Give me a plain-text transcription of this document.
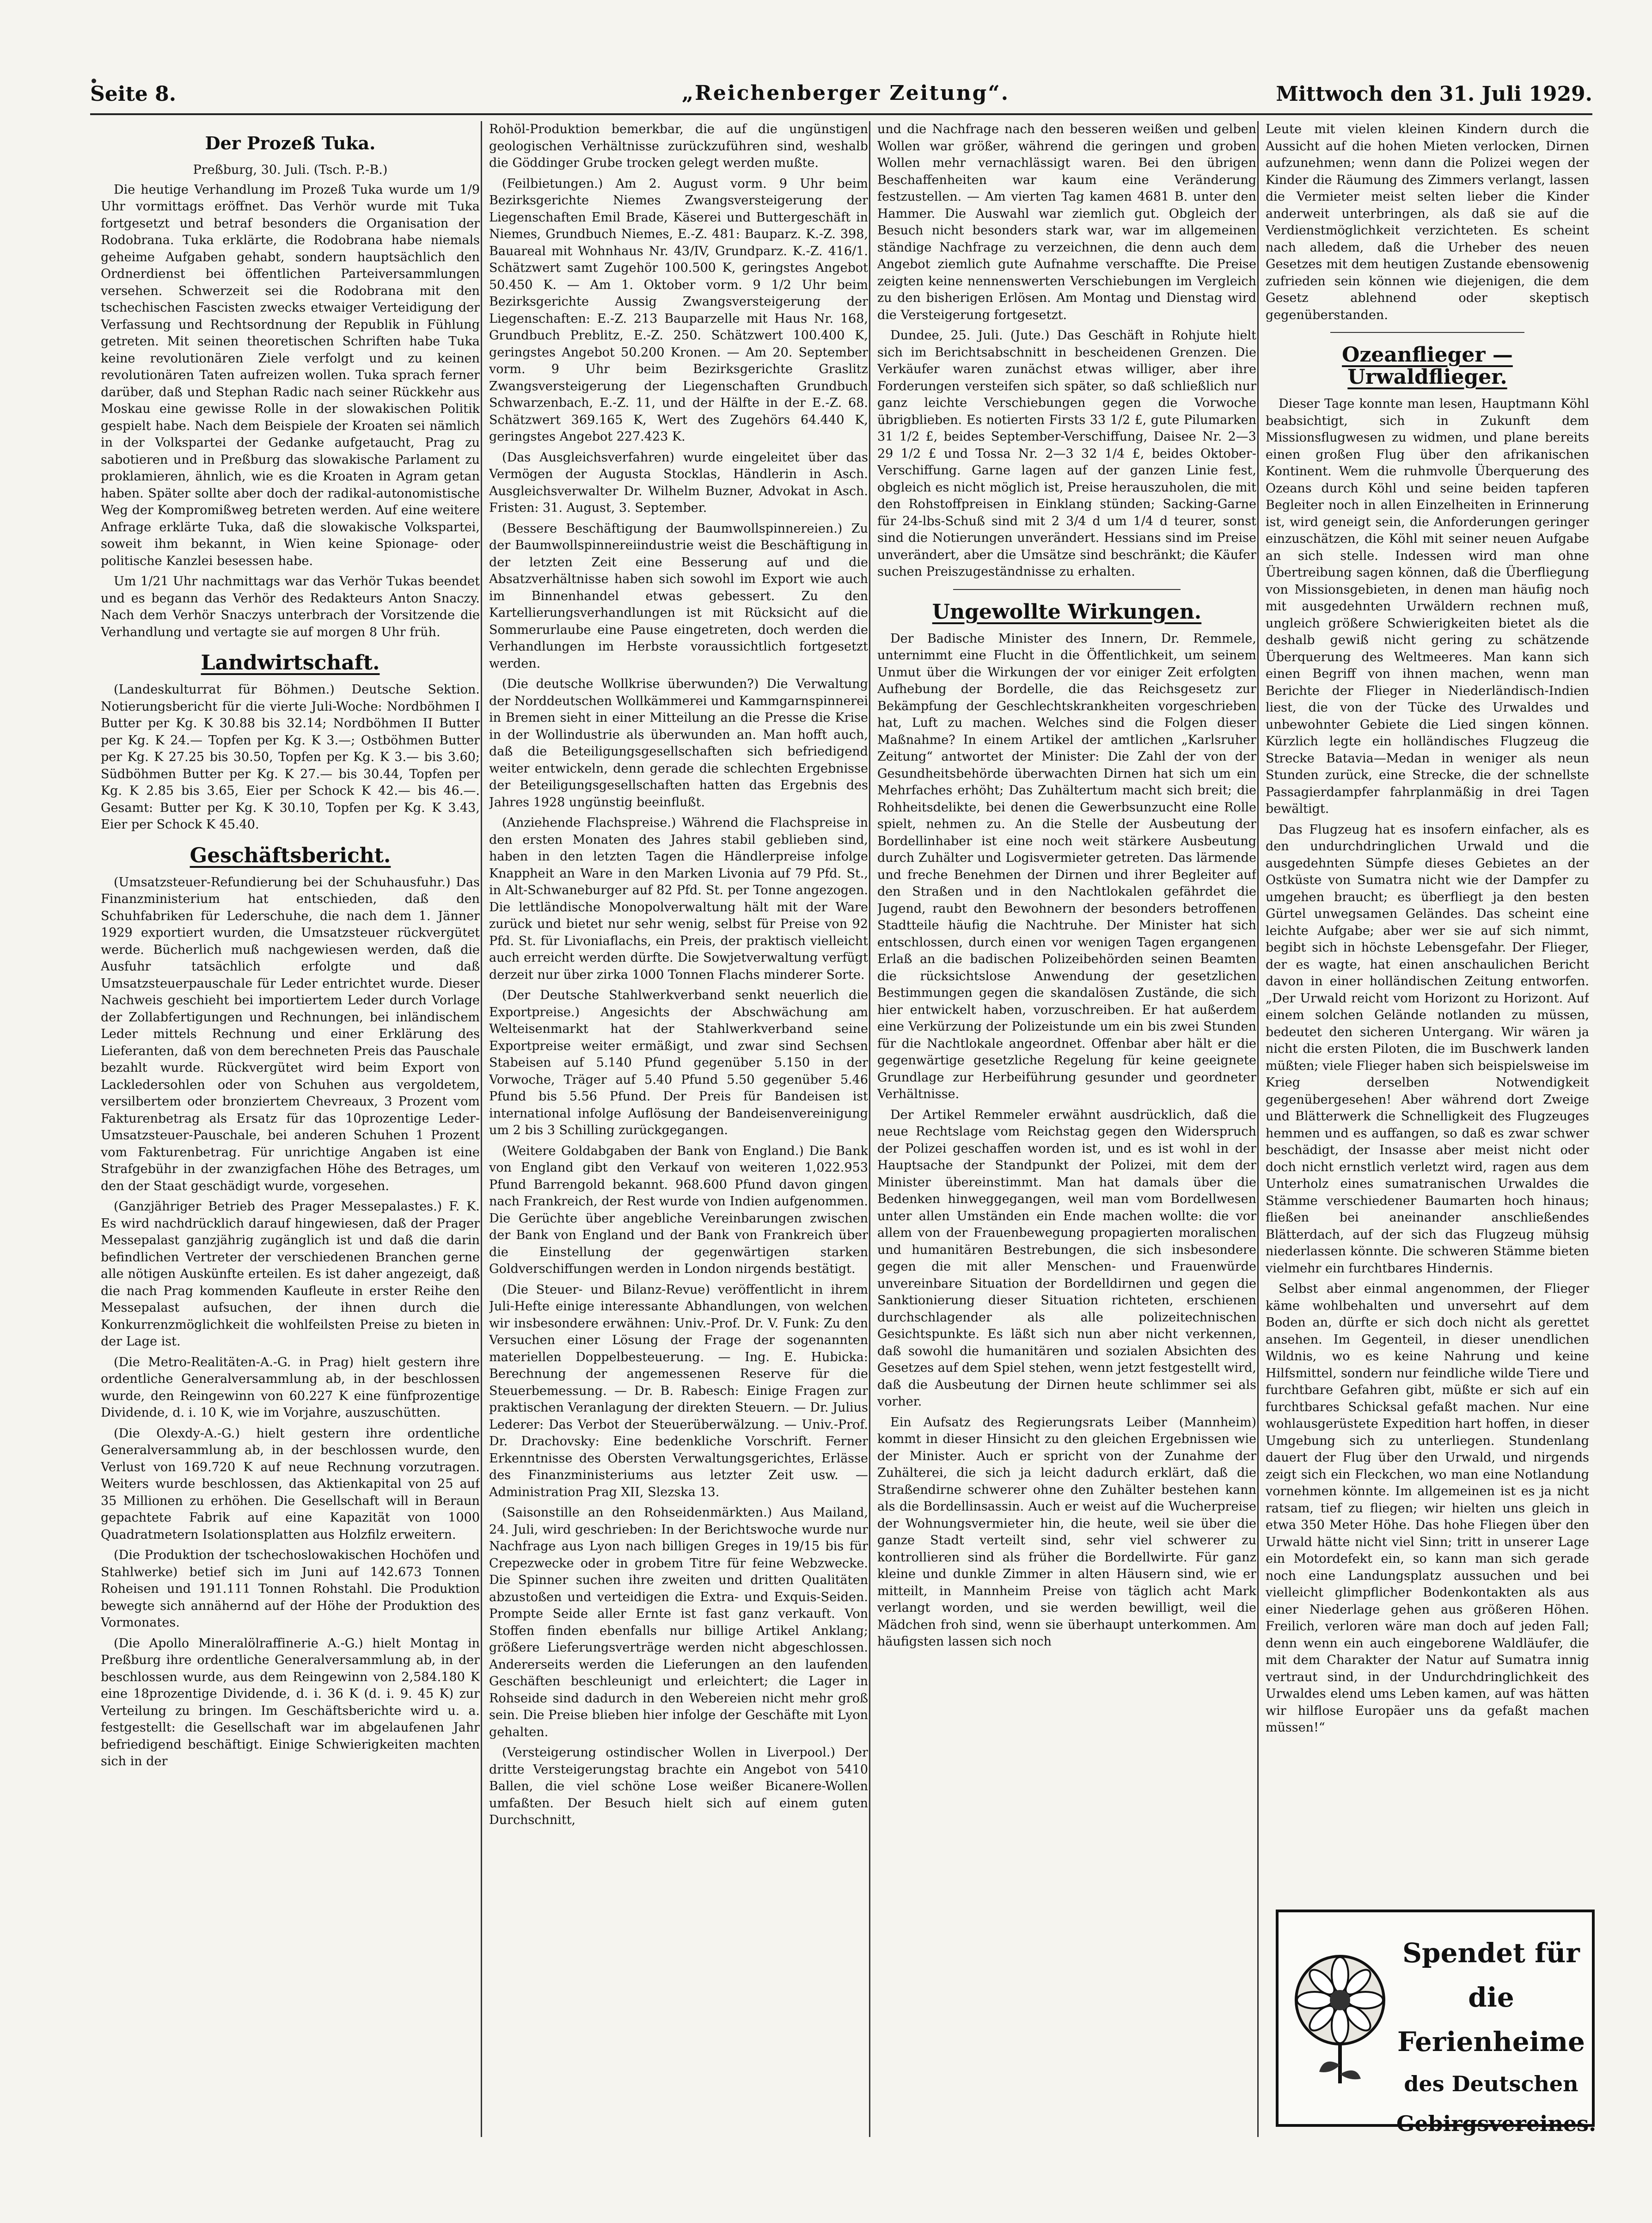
Seite 8.	„Reichenberger Zeitung“.	Mittwoch den 31. Juli 1929.
Der Prozeß Tuka.
Preßburg, 30. Juli. (Tsch. P.-B.)

Die heutige Verhandlung im Prozeß Tuka wurde um 1/9 Uhr vormittags eröffnet. Das Verhör wurde mit Tuka fortgesetzt und betraf besonders die Organisation der Rodobrana. Tuka erklärte, die Rodobrana habe niemals geheime Aufgaben gehabt, sondern hauptsächlich den Ordnerdienst bei öffentlichen Parteiversammlungen versehen. Schwerzeit sei die Rodobrana mit den tschechischen Fascisten zwecks etwaiger Verteidigung der Verfassung und Rechtsordnung der Republik in Fühlung getreten. Mit seinen theoretischen Schriften habe Tuka keine revolutionären Ziele verfolgt und zu keinen revolutionären Taten aufreizen wollen. Tuka sprach ferner darüber, daß und Stephan Radic nach seiner Rückkehr aus Moskau eine gewisse Rolle in der slowakischen Politik gespielt habe. Nach dem Beispiele der Kroaten sei nämlich in der Volkspartei der Gedanke aufgetaucht, Prag zu sabotieren und in Preßburg das slowakische Parlament zu proklamieren, ähnlich, wie es die Kroaten in Agram getan haben. Später sollte aber doch der radikal-autonomistische Weg der Kompromißweg betreten werden. Auf eine weitere Anfrage erklärte Tuka, daß die slowakische Volkspartei, soweit ihm bekannt, in Wien keine Spionage- oder politische Kanzlei besessen habe.

Um 1/21 Uhr nachmittags war das Verhör Tukas beendet und es begann das Verhör des Redakteurs Anton Snaczy. Nach dem Verhör Snaczys unterbrach der Vorsitzende die Verhandlung und vertagte sie auf morgen 8 Uhr früh.

Landwirtschaft.

(Landeskulturrat für Böhmen.) Deutsche Sektion. Notierungsbericht für die vierte Juli-Woche: Nordböhmen I Butter per Kg. K 30.88 bis 32.14; Nordböhmen II Butter per Kg. K 24.— Topfen per Kg. K 3.—; Ostböhmen Butter per Kg. K 27.25 bis 30.50, Topfen per Kg. K 3.— bis 3.60; Südböhmen Butter per Kg. K 27.— bis 30.44, Topfen per Kg. K 2.85 bis 3.65, Eier per Schock K 42.— bis 46.—. Gesamt: Butter per Kg. K 30.10, Topfen per Kg. K 3.43, Eier per Schock K 45.40.

Geschäftsbericht.

(Umsatzsteuer-Refundierung bei der Schuhausfuhr.) Das Finanzministerium hat entschieden, daß den Schuhfabriken für Lederschuhe, die nach dem 1. Jänner 1929 exportiert wurden, die Umsatzsteuer rückvergütet werde. Bücherlich muß nachgewiesen werden, daß die Ausfuhr tatsächlich erfolgte und daß Umsatzsteuerpauschale für Leder entrichtet wurde. Dieser Nachweis geschieht bei importiertem Leder durch Vorlage der Zollabfertigungen und Rechnungen, bei inländischem Leder mittels Rechnung und einer Erklärung des Lieferanten, daß von dem berechneten Preis das Pauschale bezahlt wurde. Rückvergütet wird beim Export von Lackledersohlen oder von Schuhen aus vergoldetem, versilbertem oder bronziertem Chevreaux, 3 Prozent vom Fakturenbetrag als Ersatz für das 10prozentige Leder-Umsatzsteuer-Pauschale, bei anderen Schuhen 1 Prozent vom Fakturenbetrag. Für unrichtige Angaben ist eine Strafgebühr in der zwanzigfachen Höhe des Betrages, um den der Staat geschädigt wurde, vorgesehen.

(Ganzjähriger Betrieb des Prager Messepalastes.) F. K. Es wird nachdrücklich darauf hingewiesen, daß der Prager Messepalast ganzjährig zugänglich ist und daß die darin befindlichen Vertreter der verschiedenen Branchen gerne alle nötigen Auskünfte erteilen. Es ist daher angezeigt, daß die nach Prag kommenden Kaufleute in erster Reihe den Messepalast aufsuchen, der ihnen durch die Konkurrenzmöglichkeit die wohlfeilsten Preise zu bieten in der Lage ist.

(Die Metro-Realitäten-A.-G. in Prag) hielt gestern ihre ordentliche Generalversammlung ab, in der beschlossen wurde, den Reingewinn von 60.227 K eine fünfprozentige Dividende, d. i. 10 K, wie im Vorjahre, auszuschütten.

(Die Olexdy-A.-G.) hielt gestern ihre ordentliche Generalversammlung ab, in der beschlossen wurde, den Verlust von 169.720 K auf neue Rechnung vorzutragen. Weiters wurde beschlossen, das Aktienkapital von 25 auf 35 Millionen zu erhöhen. Die Gesellschaft will in Beraun gepachtete Fabrik auf eine Kapazität von 1000 Quadratmetern Isolationsplatten aus Holzfilz erweitern.

(Die Produktion der tschechoslowakischen Hochöfen und Stahlwerke) betief sich im Juni auf 142.673 Tonnen Roheisen und 191.111 Tonnen Rohstahl. Die Produktion bewegte sich annähernd auf der Höhe der Produktion des Vormonates.

(Die Apollo Mineralölraffinerie A.-G.) hielt Montag in Preßburg ihre ordentliche Generalversammlung ab, in der beschlossen wurde, aus dem Reingewinn von 2,584.180 K eine 18prozentige Dividende, d. i. 36 K (d. i. 9. 45 K) zur Verteilung zu bringen. Im Geschäftsberichte wird u. a. festgestellt: die Gesellschaft war im abgelaufenen Jahr befriedigend beschäftigt. Einige Schwierigkeiten machten sich in der

Rohöl-Produktion bemerkbar, die auf die ungünstigen geologischen Verhältnisse zurückzuführen sind, weshalb die Göddinger Grube trocken gelegt werden mußte.

(Feilbietungen.) Am 2. August vorm. 9 Uhr beim Bezirksgerichte Niemes Zwangsversteigerung der Liegenschaften Emil Brade, Käserei und Buttergeschäft in Niemes, Grundbuch Niemes, E.-Z. 481: Bauparz. K.-Z. 398, Bauareal mit Wohnhaus Nr. 43/IV, Grundparz. K.-Z. 416/1. Schätzwert samt Zugehör 100.500 K, geringstes Angebot 50.450 K. — Am 1. Oktober vorm. 9 1/2 Uhr beim Bezirksgerichte Aussig Zwangsversteigerung der Liegenschaften: E.-Z. 213 Bauparzelle mit Haus Nr. 168, Grundbuch Preblitz, E.-Z. 250. Schätzwert 100.400 K, geringstes Angebot 50.200 Kronen. — Am 20. September vorm. 9 Uhr beim Bezirksgerichte Graslitz Zwangsversteigerung der Liegenschaften Grundbuch Schwarzenbach, E.-Z. 11, und der Hälfte in der E.-Z. 68. Schätzwert 369.165 K, Wert des Zugehörs 64.440 K, geringstes Angebot 227.423 K.

(Das Ausgleichsverfahren) wurde eingeleitet über das Vermögen der Augusta Stocklas, Händlerin in Asch. Ausgleichsverwalter Dr. Wilhelm Buzner, Advokat in Asch. Fristen: 31. August, 3. September.

(Bessere Beschäftigung der Baumwollspinnereien.) Zu der Baumwollspinnereiindustrie weist die Beschäftigung in der letzten Zeit eine Besserung auf und die Absatzverhältnisse haben sich sowohl im Export wie auch im Binnenhandel etwas gebessert. Zu den Kartellierungsverhandlungen ist mit Rücksicht auf die Sommerurlaube eine Pause eingetreten, doch werden die Verhandlungen im Herbste voraussichtlich fortgesetzt werden.

(Die deutsche Wollkrise überwunden?) Die Verwaltung der Norddeutschen Wollkämmerei und Kammgarnspinnerei in Bremen sieht in einer Mitteilung an die Presse die Krise in der Wollindustrie als überwunden an. Man hofft auch, daß die Beteiligungsgesellschaften sich befriedigend weiter entwickeln, denn gerade die schlechten Ergebnisse der Beteiligungsgesellschaften hatten das Ergebnis des Jahres 1928 ungünstig beeinflußt.

(Anziehende Flachspreise.) Während die Flachspreise in den ersten Monaten des Jahres stabil geblieben sind, haben in den letzten Tagen die Händlerpreise infolge Knappheit an Ware in den Marken Livonia auf 79 Pfd. St., in Alt-Schwaneburger auf 82 Pfd. St. per Tonne angezogen. Die lettländische Monopolverwaltung hält mit der Ware zurück und bietet nur sehr wenig, selbst für Preise von 92 Pfd. St. für Livoniaflachs, ein Preis, der praktisch vielleicht auch erreicht werden dürfte. Die Sowjetverwaltung verfügt derzeit nur über zirka 1000 Tonnen Flachs minderer Sorte.

(Der Deutsche Stahlwerkverband senkt neuerlich die Exportpreise.) Angesichts der Abschwächung am Welteisenmarkt hat der Stahlwerkverband seine Exportpreise weiter ermäßigt, und zwar sind Sechsen Stabeisen auf 5.140 Pfund gegenüber 5.150 in der Vorwoche, Träger auf 5.40 Pfund 5.50 gegenüber 5.46 Pfund bis 5.56 Pfund. Der Preis für Bandeisen ist international infolge Auflösung der Bandeisenvereinigung um 2 bis 3 Schilling zurückgegangen.

(Weitere Goldabgaben der Bank von England.) Die Bank von England gibt den Verkauf von weiteren 1,022.953 Pfund Barrengold bekannt. 968.600 Pfund davon gingen nach Frankreich, der Rest wurde von Indien aufgenommen. Die Gerüchte über angebliche Vereinbarungen zwischen der Bank von England und der Bank von Frankreich über die Einstellung der gegenwärtigen starken Goldverschiffungen werden in London nirgends bestätigt.

(Die Steuer- und Bilanz-Revue) veröffentlicht in ihrem Juli-Hefte einige interessante Abhandlungen, von welchen wir insbesondere erwähnen: Univ.-Prof. Dr. V. Funk: Zu den Versuchen einer Lösung der Frage der sogenannten materiellen Doppelbesteuerung. — Ing. E. Hubicka: Berechnung der angemessenen Reserve für die Steuerbemessung. — Dr. B. Rabesch: Einige Fragen zur praktischen Veranlagung der direkten Steuern. — Dr. Julius Lederer: Das Verbot der Steuerüberwälzung. — Univ.-Prof. Dr. Drachovsky: Eine bedenkliche Vorschrift. Ferner Erkenntnisse des Obersten Verwaltungsgerichtes, Erlässe des Finanzministeriums aus letzter Zeit usw. — Administration Prag XII, Slezska 13.

(Saisonstille an den Rohseidenmärkten.) Aus Mailand, 24. Juli, wird geschrieben: In der Berichtswoche wurde nur Nachfrage aus Lyon nach billigen Greges in 19/15 bis für Crepezwecke oder in grobem Titre für feine Webzwecke. Die Spinner suchen ihre zweiten und dritten Qualitäten abzustoßen und verteidigen die Extra- und Exquis-Seiden. Prompte Seide aller Ernte ist fast ganz verkauft. Von Stoffen finden ebenfalls nur billige Artikel Anklang; größere Lieferungsverträge werden nicht abgeschlossen. Andererseits werden die Lieferungen an den laufenden Geschäften beschleunigt und erleichtert; die Lager in Rohseide sind dadurch in den Webereien nicht mehr groß sein. Die Preise blieben hier infolge der Geschäfte mit Lyon gehalten.

(Versteigerung ostindischer Wollen in Liverpool.) Der dritte Versteigerungstag brachte ein Angebot von 5410 Ballen, die viel schöne Lose weißer Bicanere-Wollen umfaßten. Der Besuch hielt sich auf einem guten Durchschnitt,

und die Nachfrage nach den besseren weißen und gelben Wollen war größer, während die geringen und groben Wollen mehr vernachlässigt waren. Bei den übrigen Beschaffenheiten war kaum eine Veränderung festzustellen. — Am vierten Tag kamen 4681 B. unter den Hammer. Die Auswahl war ziemlich gut. Obgleich der Besuch nicht besonders stark war, war im allgemeinen ständige Nachfrage zu verzeichnen, die denn auch dem Angebot ziemlich gute Aufnahme verschaffte. Die Preise zeigten keine nennenswerten Verschiebungen im Vergleich zu den bisherigen Erlösen. Am Montag und Dienstag wird die Versteigerung fortgesetzt.

Dundee, 25. Juli. (Jute.) Das Geschäft in Rohjute hielt sich im Berichtsabschnitt in bescheidenen Grenzen. Die Verkäufer waren zunächst etwas williger, aber ihre Forderungen versteifen sich später, so daß schließlich nur ganz leichte Verschiebungen gegen die Vorwoche übrigblieben. Es notierten Firsts 33 1/2 £, gute Pilumarken 31 1/2 £, beides September-Verschiffung, Daisee Nr. 2—3 29 1/2 £ und Tossa Nr. 2—3 32 1/4 £, beides Oktober-Verschiffung. Garne lagen auf der ganzen Linie fest, obgleich es nicht möglich ist, Preise herauszuholen, die mit den Rohstoffpreisen in Einklang stünden; Sacking-Garne für 24-lbs-Schuß sind mit 2 3/4 d um 1/4 d teurer, sonst sind die Notierungen unverändert. Hessians sind im Preise unverändert, aber die Umsätze sind beschränkt; die Käufer suchen Preiszugeständnisse zu erhalten.

Ungewollte Wirkungen.

Der Badische Minister des Innern, Dr. Remmele, unternimmt eine Flucht in die Öffentlichkeit, um seinem Unmut über die Wirkungen der vor einiger Zeit erfolgten Aufhebung der Bordelle, die das Reichsgesetz zur Bekämpfung der Geschlechtskrankheiten vorgeschrieben hat, Luft zu machen. Welches sind die Folgen dieser Maßnahme? In einem Artikel der amtlichen „Karlsruher Zeitung“ antwortet der Minister: Die Zahl der von der Gesundheitsbehörde überwachten Dirnen hat sich um ein Mehrfaches erhöht; Das Zuhältertum macht sich breit; die Rohheitsdelikte, bei denen die Gewerbsunzucht eine Rolle spielt, nehmen zu. An die Stelle der Ausbeutung der Bordellinhaber ist eine noch weit stärkere Ausbeutung durch Zuhälter und Logisvermieter getreten. Das lärmende und freche Benehmen der Dirnen und ihrer Begleiter auf den Straßen und in den Nachtlokalen gefährdet die Jugend, raubt den Bewohnern der besonders betroffenen Stadtteile häufig die Nachtruhe. Der Minister hat sich entschlossen, durch einen vor wenigen Tagen ergangenen Erlaß an die badischen Polizeibehörden seinen Beamten die rücksichtslose Anwendung der gesetzlichen Bestimmungen gegen die skandalösen Zustände, die sich hier entwickelt haben, vorzuschreiben. Er hat außerdem eine Verkürzung der Polizeistunde um ein bis zwei Stunden für die Nachtlokale angeordnet. Offenbar aber hält er die gegenwärtige gesetzliche Regelung für keine geeignete Grundlage zur Herbeiführung gesunder und geordneter Verhältnisse.

Der Artikel Remmeler erwähnt ausdrücklich, daß die neue Rechtslage vom Reichstag gegen den Widerspruch der Polizei geschaffen worden ist, und es ist wohl in der Hauptsache der Standpunkt der Polizei, mit dem der Minister übereinstimmt. Man hat damals über die Bedenken hinweggegangen, weil man vom Bordellwesen unter allen Umständen ein Ende machen wollte: die vor allem von der Frauenbewegung propagierten moralischen und humanitären Bestrebungen, die sich insbesondere gegen die mit aller Menschen- und Frauenwürde unvereinbare Situation der Bordelldirnen und gegen die Sanktionierung dieser Situation richteten, erschienen durchschlagender als alle polizeitechnischen Gesichtspunkte. Es läßt sich nun aber nicht verkennen, daß sowohl die humanitären und sozialen Absichten des Gesetzes auf dem Spiel stehen, wenn jetzt festgestellt wird, daß die Ausbeutung der Dirnen heute schlimmer sei als vorher.

Ein Aufsatz des Regierungsrats Leiber (Mannheim) kommt in dieser Hinsicht zu den gleichen Ergebnissen wie der Minister. Auch er spricht von der Zunahme der Zuhälterei, die sich ja leicht dadurch erklärt, daß die Straßendirne schwerer ohne den Zuhälter bestehen kann als die Bordellinsassin. Auch er weist auf die Wucherpreise der Wohnungsvermieter hin, die heute, weil sie über die ganze Stadt verteilt sind, sehr viel schwerer zu kontrollieren sind als früher die Bordellwirte. Für ganz kleine und dunkle Zimmer in alten Häusern sind, wie er mitteilt, in Mannheim Preise von täglich acht Mark verlangt worden, und sie werden bewilligt, weil die Mädchen froh sind, wenn sie überhaupt unterkommen. Am häufigsten lassen sich noch

Leute mit vielen kleinen Kindern durch die Aussicht auf die hohen Mieten verlocken, Dirnen aufzunehmen; wenn dann die Polizei wegen der Kinder die Räumung des Zimmers verlangt, lassen die Vermieter meist selten lieber die Kinder anderweit unterbringen, als daß sie auf die Verdienstmöglichkeit verzichteten. Es scheint nach alledem, daß die Urheber des neuen Gesetzes mit dem heutigen Zustande ebensowenig zufrieden sein können wie diejenigen, die dem Gesetz ablehnend oder skeptisch gegenüberstanden.

Ozeanflieger — Urwaldflieger.

Dieser Tage konnte man lesen, Hauptmann Köhl beabsichtigt, sich in Zukunft dem Missionsflugwesen zu widmen, und plane bereits einen großen Flug über den afrikanischen Kontinent. Wem die ruhmvolle Überquerung des Ozeans durch Köhl und seine beiden tapferen Begleiter noch in allen Einzelheiten in Erinnerung ist, wird geneigt sein, die Anforderungen geringer einzuschätzen, die Köhl mit seiner neuen Aufgabe an sich stelle. Indessen wird man ohne Übertreibung sagen können, daß die Überfliegung von Missionsgebieten, in denen man häufig noch mit ausgedehnten Urwäldern rechnen muß, ungleich größere Schwierigkeiten bietet als die deshalb gewiß nicht gering zu schätzende Überquerung des Weltmeeres. Man kann sich einen Begriff von ihnen machen, wenn man Berichte der Flieger in Niederländisch-Indien liest, die von der Tücke des Urwaldes und unbewohnter Gebiete die Lied singen können. Kürzlich legte ein holländisches Flugzeug die Strecke Batavia—Medan in weniger als neun Stunden zurück, eine Strecke, die der schnellste Passagierdampfer fahrplanmäßig in drei Tagen bewältigt.

Das Flugzeug hat es insofern einfacher, als es den undurchdringlichen Urwald und die ausgedehnten Sümpfe dieses Gebietes an der Ostküste von Sumatra nicht wie der Dampfer zu umgehen braucht; es überfliegt ja den besten Gürtel unwegsamen Geländes. Das scheint eine leichte Aufgabe; aber wer sie auf sich nimmt, begibt sich in höchste Lebensgefahr. Der Flieger, der es wagte, hat einen anschaulichen Bericht davon in einer holländischen Zeitung entworfen. „Der Urwald reicht vom Horizont zu Horizont. Auf einem solchen Gelände notlanden zu müssen, bedeutet den sicheren Untergang. Wir wären ja nicht die ersten Piloten, die im Buschwerk landen müßten; viele Flieger haben sich beispielsweise im Krieg derselben Notwendigkeit gegenübergesehen! Aber während dort Zweige und Blätterwerk die Schnelligkeit des Flugzeuges hemmen und es auffangen, so daß es zwar schwer beschädigt, der Insasse aber meist nicht oder doch nicht ernstlich verletzt wird, ragen aus dem Unterholz eines sumatranischen Urwaldes die Stämme verschiedener Baumarten hoch hinaus; fließen bei aneinander anschließendes Blätterdach, auf der sich das Flugzeug mühsig niederlassen könnte. Die schweren Stämme bieten vielmehr ein furchtbares Hindernis.

Selbst aber einmal angenommen, der Flieger käme wohlbehalten und unversehrt auf dem Boden an, dürfte er sich doch nicht als gerettet ansehen. Im Gegenteil, in dieser unendlichen Wildnis, wo es keine Nahrung und keine Hilfsmittel, sondern nur feindliche wilde Tiere und furchtbare Gefahren gibt, müßte er sich auf ein furchtbares Schicksal gefaßt machen. Nur eine wohlausgerüstete Expedition hart hoffen, in dieser Umgebung sich zu unterliegen. Stundenlang dauert der Flug über den Urwald, und nirgends zeigt sich ein Fleckchen, wo man eine Notlandung vornehmen könnte. Im allgemeinen ist es ja nicht ratsam, tief zu fliegen; wir hielten uns gleich in etwa 350 Meter Höhe. Das hohe Fliegen über den Urwald hätte nicht viel Sinn; tritt in unserer Lage ein Motordefekt ein, so kann man sich gerade noch eine Landungsplatz aussuchen und bei vielleicht glimpflicher Bodenkontakten als aus einer Niederlage gehen aus größeren Höhen. Freilich, verloren wäre man doch auf jeden Fall; denn wenn ein auch eingeborene Waldläufer, die mit dem Charakter der Natur auf Sumatra innig vertraut sind, in der Undurchdringlichkeit des Urwaldes elend ums Leben kamen, auf was hätten wir hilflose Europäer uns da gefaßt machen müssen!“

Spendet für die
Ferienheime
des Deutschen
Gebirgsvereines.
